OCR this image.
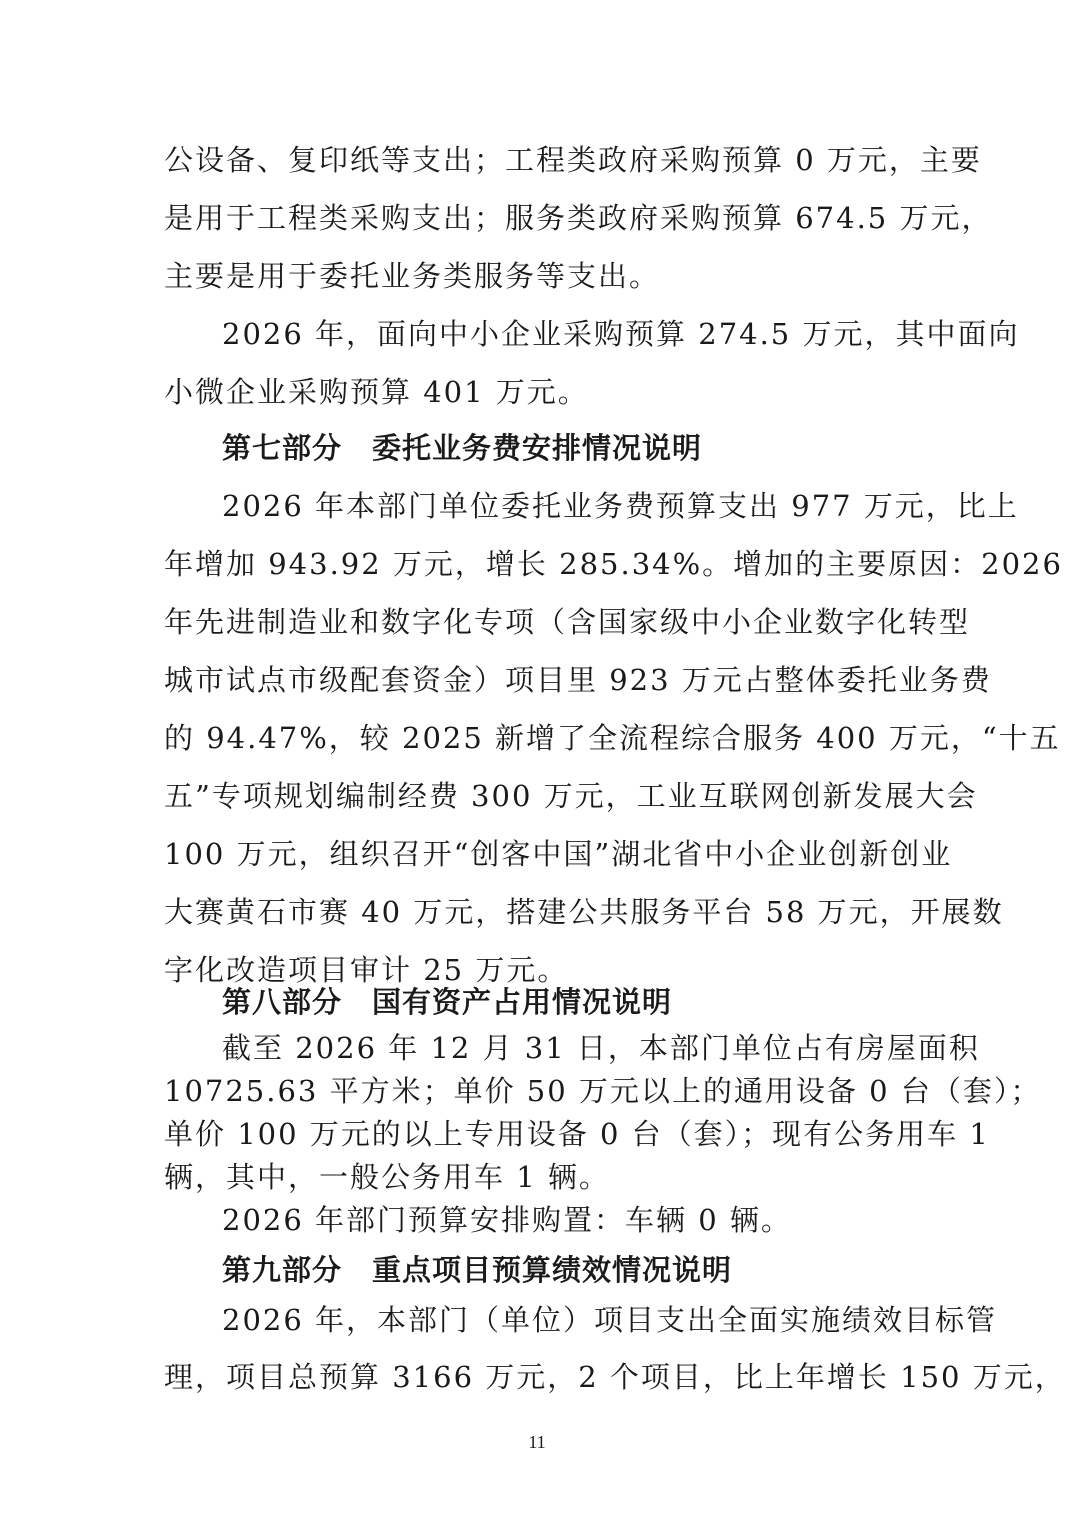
公设备、复印纸等支出；工程类政府采购预算 0 万元，主要
是用于工程类采购支出；服务类政府采购预算 674.5 万元，
主要是用于委托业务类服务等支出。
2026 年，面向中小企业采购预算 274.5 万元，其中面向
小微企业采购预算 401 万元。
第七部分 委托业务费安排情况说明
2026 年本部门单位委托业务费预算支出 977 万元，比上
年增加 943.92 万元，增长 285.34%。增加的主要原因：2026
年先进制造业和数字化专项（含国家级中小企业数字化转型
城市试点市级配套资金）项目里 923 万元占整体委托业务费
的 94.47%，较 2025 新增了全流程综合服务 400 万元，“十五
五”专项规划编制经费 300 万元，工业互联网创新发展大会
100 万元，组织召开“创客中国”湖北省中小企业创新创业
大赛黄石市赛 40 万元，搭建公共服务平台 58 万元，开展数
字化改造项目审计 25 万元。
第八部分 国有资产占用情况说明
截至 2026 年 12 月 31 日，本部门单位占有房屋面积
10725.63 平方米；单价 50 万元以上的通用设备 0 台（套）；
单价 100 万元的以上专用设备 0 台（套）；现有公务用车 1
辆，其中，一般公务用车 1 辆。
2026 年部门预算安排购置：车辆 0 辆。
第九部分 重点项目预算绩效情况说明
11
2026 年，本部门（单位）项目支出全面实施绩效目标管
理，项目总预算 3166 万元，2 个项目，比上年增长 150 万元，
